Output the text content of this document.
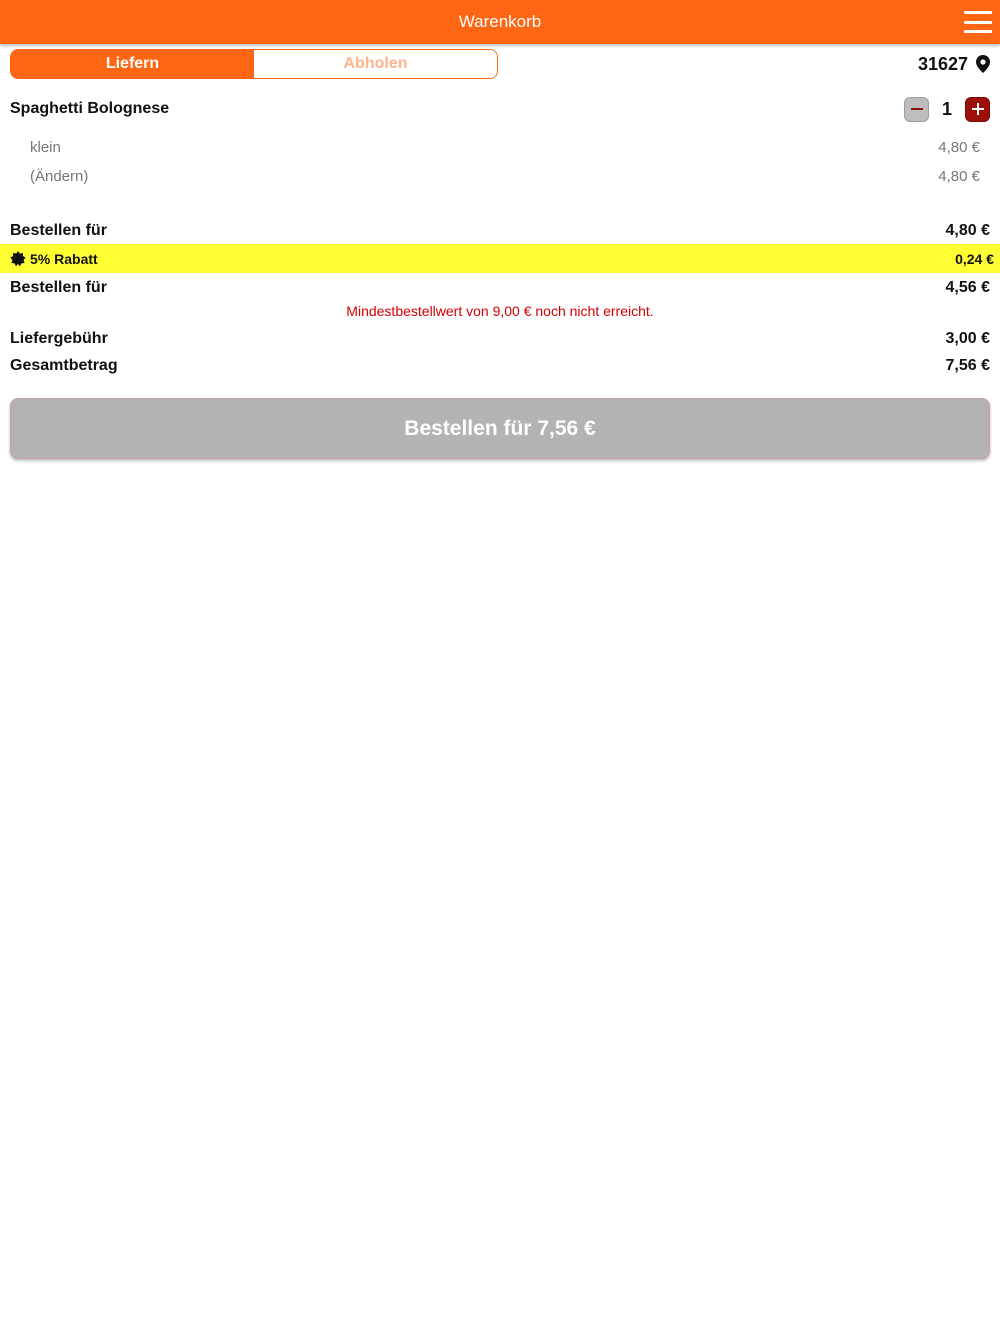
Warenkorb
Liefern	Abholen	31627
Spaghetti Bolognese	1
klein	4,80 €
(Ändern)	4,80 €
Bestellen für	4,80 €
5% Rabatt	0,24 €
Bestellen für	4,56 €
Mindestbestellwert von 9,00 € noch nicht erreicht.
Liefergebühr	3,00 €
Gesamtbetrag	7,56 €
Bestellen für 7,56 €
